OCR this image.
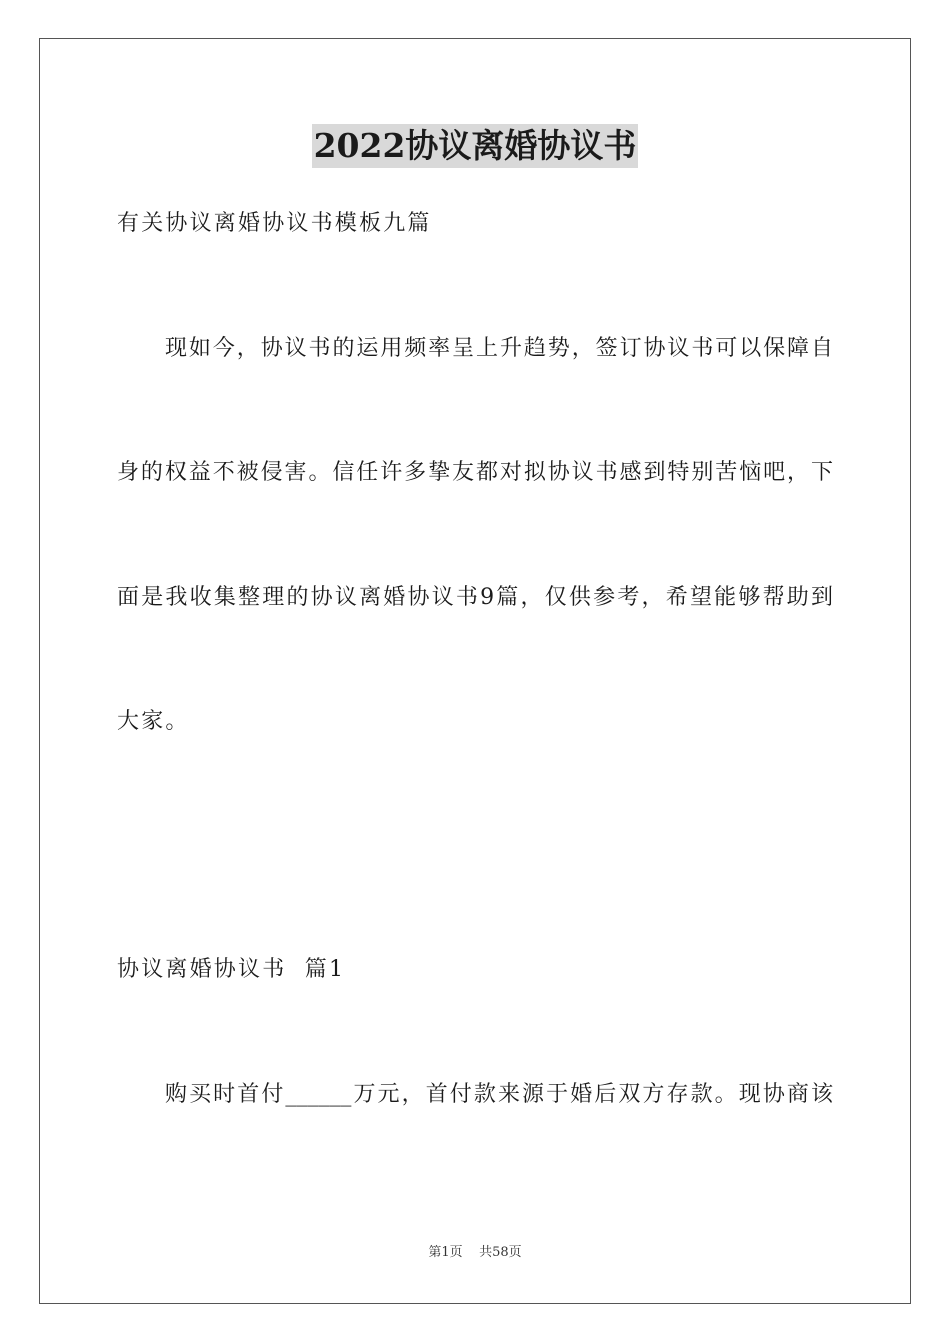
2022协议离婚协议书
有关协议离婚协议书模板九篇
现如今，协议书的运用频率呈上升趋势，签订协议书可以保障自
身的权益不被侵害。信任许多挚友都对拟协议书感到特别苦恼吧，下
面是我收集整理的协议离婚协议书9篇，仅供参考，希望能够帮助到
大家。
协议离婚协议书  篇1
购买时首付______万元，首付款来源于婚后双方存款。现协商该
第1页    共58页
